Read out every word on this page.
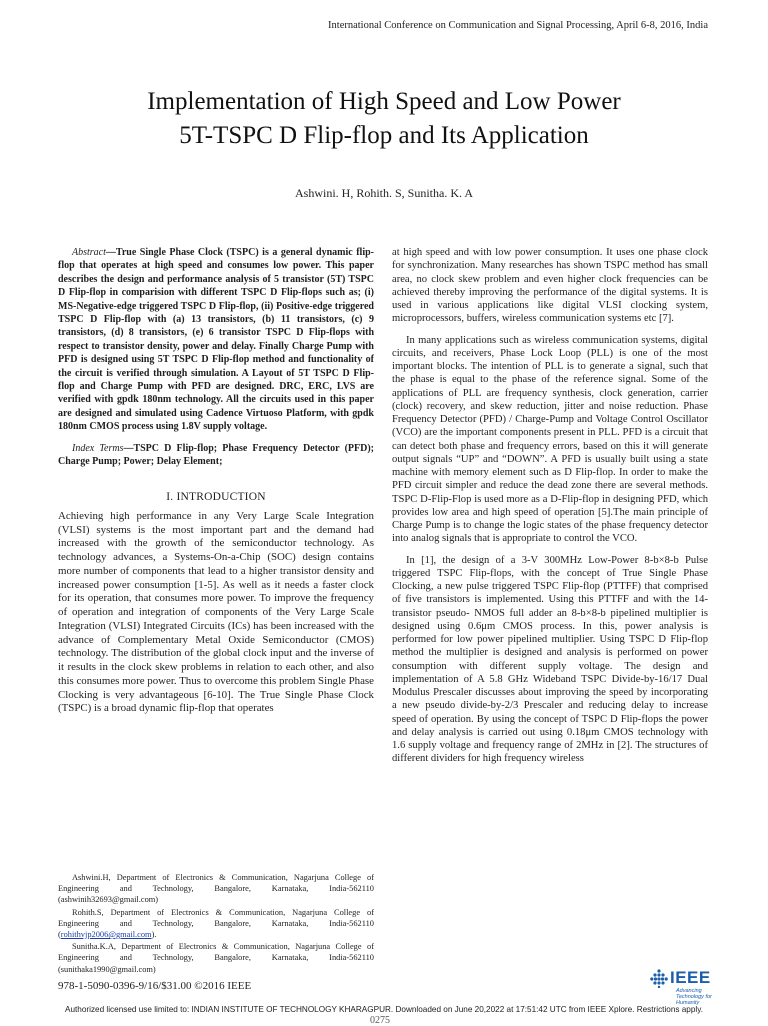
International Conference on Communication and Signal Processing, April 6-8, 2016, India
Implementation of High Speed and Low Power
5T-TSPC D Flip-flop and Its Application
Ashwini. H, Rohith. S, Sunitha. K. A

Abstract—True Single Phase Clock (TSPC) is a general dynamic flip-flop that operates at high speed and consumes low power. This paper describes the design and performance analysis of 5 transistor (5T) TSPC D Flip-flop in comparision with different TSPC D Flip-flops such as; (i) MS-Negative-edge triggered TSPC D Flip-flop, (ii) Positive-edge triggered TSPC D Flip-flop with (a) 13 transistors, (b) 11 transistors, (c) 9 transistors, (d) 8 transistors, (e) 6 transistor TSPC D Flip-flops with respect to transistor density, power and delay. Finally Charge Pump with PFD is designed using 5T TSPC D Flip-flop method and functionality of the circuit is verified through simulation. A Layout of 5T TSPC D Flip-flop and Charge Pump with PFD are designed. DRC, ERC, LVS are verified with gpdk 180nm technology. All the circuits used in this paper are designed and simulated using Cadence Virtuoso Platform, with gpdk 180nm CMOS process using 1.8V supply voltage.

Index Terms—TSPC D Flip-flop; Phase Frequency Detector (PFD); Charge Pump; Power; Delay Element;

I. INTRODUCTION

Achieving high performance in any Very Large Scale Integration (VLSI) systems is the most important part and the demand had increased with the growth of the semiconductor technology. As technology advances, a Systems-On-a-Chip (SOC) design contains more number of components that lead to a higher transistor density and increased power consumption [1-5]. As well as it needs a faster clock for its operation, that consumes more power. To improve the frequency of operation and integration of components of the Very Large Scale Integration (VLSI) Integrated Circuits (ICs) has been increased with the advance of Complementary Metal Oxide Semiconductor (CMOS) technology. The distribution of the global clock input and the inverse of it results in the clock skew problems in relation to each other, and also this consumes more power. Thus to overcome this problem Single Phase Clocking is very advantageous [6-10]. The True Single Phase Clock (TSPC) is a broad dynamic flip-flop that operates

at high speed and with low power consumption. It uses one phase clock for synchronization. Many researches has shown TSPC method has small area, no clock skew problem and even higher clock frequencies can be achieved thereby improving the performance of the digital systems. It is used in various applications like digital VLSI clocking system, microprocessors, buffers, wireless communication systems etc [7].

In many applications such as wireless communication systems, digital circuits, and receivers, Phase Lock Loop (PLL) is one of the most important blocks. The intention of PLL is to generate a signal, such that the phase is equal to the phase of the reference signal. Some of the applications of PLL are frequency synthesis, clock generation, carrier (clock) recovery, and skew reduction, jitter and noise reduction. Phase Frequency Detector (PFD) / Charge-Pump and Voltage Control Oscillator (VCO) are the important components present in PLL. PFD is a circuit that can detect both phase and frequency errors, based on this it will generate output signals “UP” and “DOWN”. A PFD is usually built using a state machine with memory element such as D Flip-flop. In order to make the PFD circuit simpler and reduce the dead zone there are several methods. TSPC D-Flip-Flop is used more as a D-Flip-flop in designing PFD, which provides low area and high speed of operation [5].The main principle of Charge Pump is to change the logic states of the phase frequency detector into analog signals that is appropriate to control the VCO.

In [1], the design of a 3-V 300MHz Low-Power 8-b×8-b Pulse triggered TSPC Flip-flops, with the concept of True Single Phase Clocking, a new pulse triggered TSPC Flip-flop (PTTFF) that comprised of five transistors is implemented. Using this PTTFF and with the 14-transistor pseudo- NMOS full adder an 8-b×8-b pipelined multiplier is designed using 0.6μm CMOS process. In this, power analysis is performed for low power pipelined multiplier. Using TSPC D Flip-flop method the multiplier is designed and analysis is performed on power consumption with different supply voltage. The design and implementation of A 5.8 GHz Wideband TSPC Divide-by-16/17 Dual Modulus Prescaler discusses about improving the speed by incorporating a new pseudo divide-by-2/3 Prescaler and reducing delay to increase speed of operation. By using the concept of TSPC D Flip-flops the power and delay analysis is carried out using 0.18μm CMOS technology with 1.6 supply voltage and frequency range of 2MHz in [2]. The structures of different dividers for high frequency wireless

Ashwini.H, Department of Electronics & Communication, Nagarjuna College of Engineering and Technology, Bangalore, Karnataka, India-562110 (ashwinih32693@gmail.com)

Rohith.S, Department of Electronics & Communication, Nagarjuna College of Engineering and Technology, Bangalore, Karnataka, India-562110 (rohithvjp2006@gmail.com).

Sunitha.K.A, Department of Electronics & Communication, Nagarjuna College of Engineering and Technology, Bangalore, Karnataka, India-562110 (sunithaka1990@gmail.com)

978-1-5090-0396-9/16/$31.00 ©2016 IEEE	IEEE
Advancing Technology for Humanity
Authorized licensed use limited to: INDIAN INSTITUTE OF TECHNOLOGY KHARAGPUR. Downloaded on June 20,2022 at 17:51:42 UTC from IEEE Xplore. Restrictions apply.
0275
